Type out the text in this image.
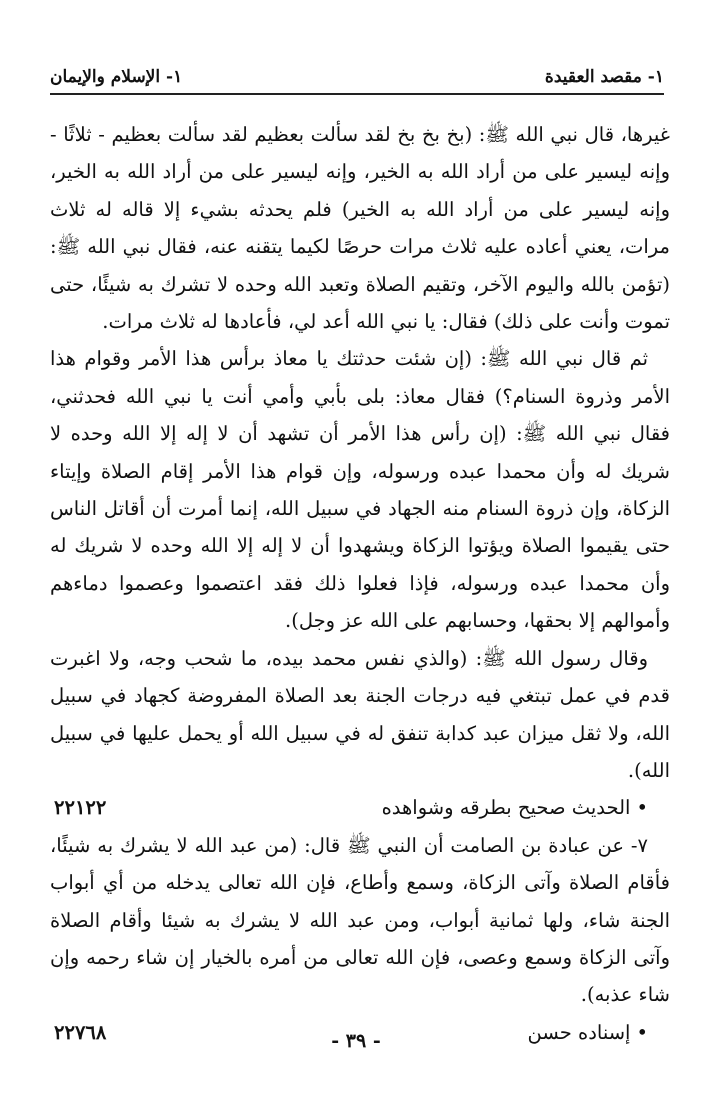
١- مقصد العقيدة
١- الإسلام والإيمان

غيرها، قال نبي الله ﷺ: (بخ بخ بخ لقد سألت بعظيم لقد سألت بعظيم - ثلاثًا - وإنه ليسير على من أراد الله به الخير، وإنه ليسير على من أراد الله به الخير، وإنه ليسير على من أراد الله به الخير) فلم يحدثه بشيء إلا قاله له ثلاث مرات، يعني أعاده عليه ثلاث مرات حرصًا لكيما يتقنه عنه، فقال نبي الله ﷺ: (تؤمن بالله واليوم الآخر، وتقيم الصلاة وتعبد الله وحده لا تشرك به شيئًا، حتى تموت وأنت على ذلك) فقال: يا نبي الله أعد لي، فأعادها له ثلاث مرات.

ثم قال نبي الله ﷺ: (إن شئت حدثتك يا معاذ برأس هذا الأمر وقوام هذا الأمر وذروة السنام؟) فقال معاذ: بلى بأبي وأمي أنت يا نبي الله فحدثني، فقال نبي الله ﷺ: (إن رأس هذا الأمر أن تشهد أن لا إله إلا الله وحده لا شريك له وأن محمدا عبده ورسوله، وإن قوام هذا الأمر إقام الصلاة وإيتاء الزكاة، وإن ذروة السنام منه الجهاد في سبيل الله، إنما أمرت أن أقاتل الناس حتى يقيموا الصلاة ويؤتوا الزكاة ويشهدوا أن لا إله إلا الله وحده لا شريك له وأن محمدا عبده ورسوله، فإذا فعلوا ذلك فقد اعتصموا وعصموا دماءهم وأموالهم إلا بحقها، وحسابهم على الله عز وجل).

وقال رسول الله ﷺ: (والذي نفس محمد بيده، ما شحب وجه، ولا اغبرت قدم في عمل تبتغي فيه درجات الجنة بعد الصلاة المفروضة كجهاد في سبيل الله، ولا ثقل ميزان عبد كدابة تنفق له في سبيل الله أو يحمل عليها في سبيل الله).

•الحديث صحيح بطرقه وشواهده
٢٢١٢٢

٧- عن عبادة بن الصامت أن النبي ﷺ قال: (من عبد الله لا يشرك به شيئًا، فأقام الصلاة وآتى الزكاة، وسمع وأطاع، فإن الله تعالى يدخله من أي أبواب الجنة شاء، ولها ثمانية أبواب، ومن عبد الله لا يشرك به شيئا وأقام الصلاة وآتى الزكاة وسمع وعصى، فإن الله تعالى من أمره بالخيار إن شاء رحمه وإن شاء عذبه).

•إسناده حسن
٢٢٧٦٨	- ٣٩ -
